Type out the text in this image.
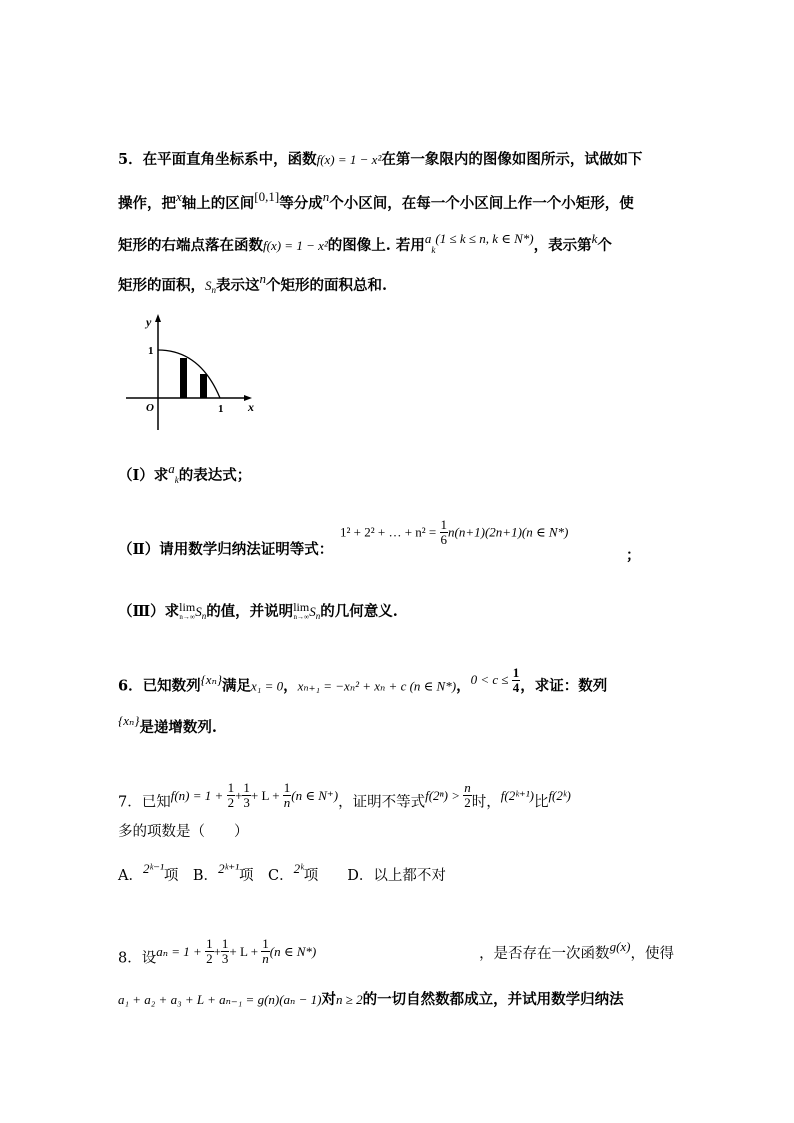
5．在平面直角坐标系中，函数f(x) = 1 − x²在第一象限内的图像如图所示，试做如下
操作，把x轴上的区间[0,1]等分成n个小区间，在每一个小区间上作一个小矩形，使
矩形的右端点落在函数f(x) = 1 − x²的图像上. 若用$a_k(1 \le k \le n$, k ∈ N*)，表示第k个
矩形的面积，$S_n$表示这n个矩形的面积总和.
y
1
O	1 x
（Ⅰ）求$a_k$的表达式；
（Ⅱ）请用数学归纳法证明等式：
1² + 2² + … + $n^2 = \frac{1}{6} n(n+1)(2n+1)(n$ ∈ N*)
；
（Ⅲ）求lim
n→∞ $S_n$的值，并说明lim
n→∞ $S_n$的几何意义.
6．已知数列{xₙ}满足x₁ = 0，xₙ₊₁ = −xₙ² + xₙ + c (n ∈ N*)，$0 < c \le \frac{1}{4}$ ，求证：数列
{xₙ}是递增数列.
7．已知$f(n) = 1 + \frac{1}{2} + \frac{1}{3} + L + \frac{1}{n} (n$ ∈ N⁺)，证明不等式$f(2^n) > \frac{n}{2}$ 时，f(2ᵏ⁺¹)比f(2ᵏ)
多的项数是（　　）
A．2ᵏ⁻¹项　B．2ᵏ⁺¹项　C．2ᵏ项　　D．以上都不对
8．设$a_n = 1 + \frac{1}{2} + \frac{1}{3} + L + \frac{1}{n} (n$ ∈ N*)	，是否存在一次函数g(x)，使得
a₁ + a₂ + a₃ + L + aₙ₋₁ = g(n)(aₙ − 1)对n ≥ 2的一切自然数都成立，并试用数学归纳法
